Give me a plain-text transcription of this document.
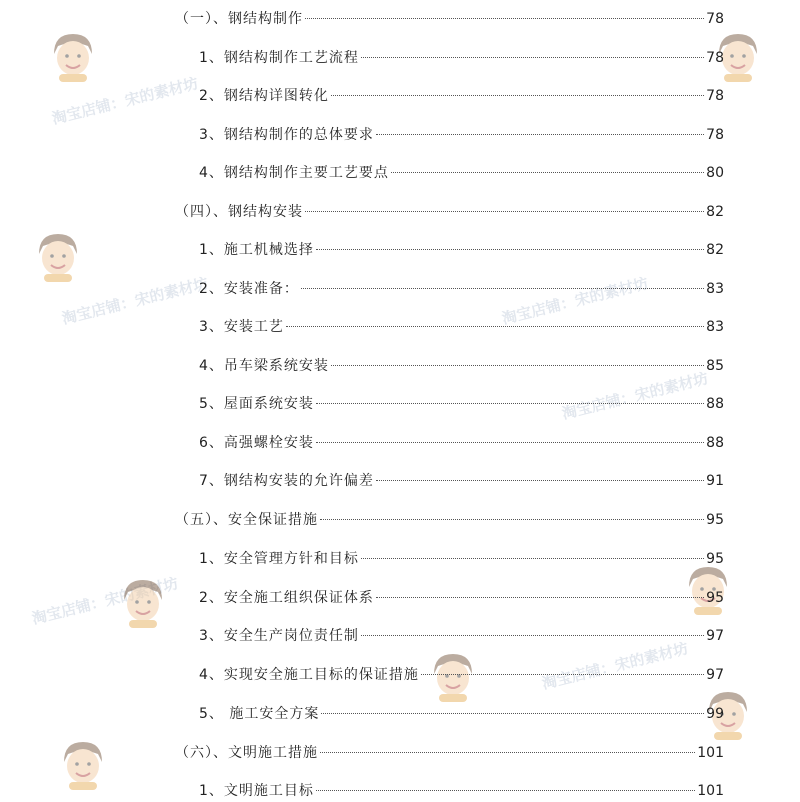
淘宝店铺：宋的素材坊
淘宝店铺：宋的素材坊	淘宝店铺：宋的素材坊
淘宝店铺：宋的素材坊
淘宝店铺：宋的素材坊
淘宝店铺：宋的素材坊
（一）、钢结构制作	78
1、钢结构制作工艺流程	78
2、钢结构详图转化	78
3、钢结构制作的总体要求	78
4、钢结构制作主要工艺要点	80
（四）、钢结构安装	82
1、施工机械选择	82
2、安装准备：	83
3、安装工艺	83
4、吊车梁系统安装	85
5、屋面系统安装	88
6、高强螺栓安装	88
7、钢结构安装的允许偏差	91
（五）、安全保证措施	95
1、安全管理方针和目标	95
2、安全施工组织保证体系	95
3、安全生产岗位责任制	97
4、实现安全施工目标的保证措施	97
5、 施工安全方案	99
（六）、文明施工措施	101
1、文明施工目标	101
